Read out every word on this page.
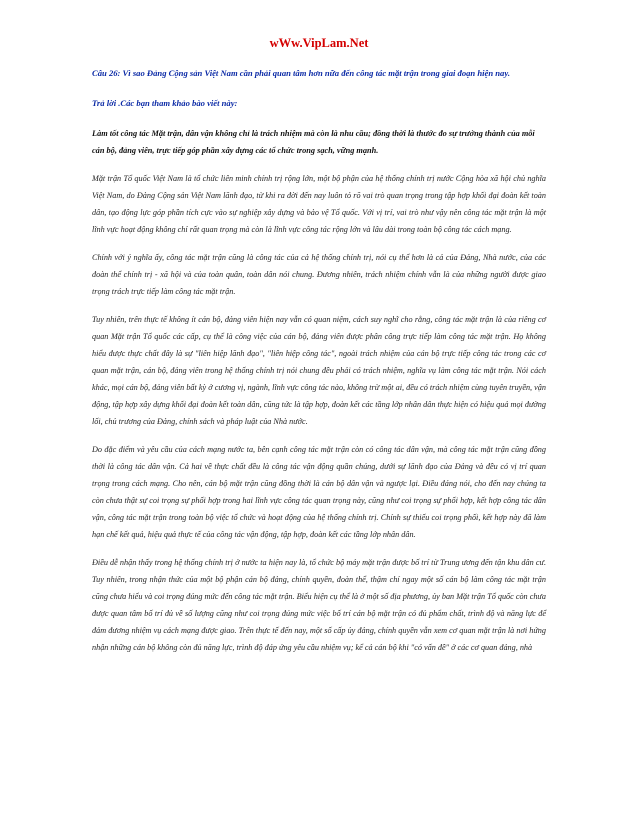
wWw.VipLam.Net

Câu 26: Vì sao Đảng Cộng sản Việt Nam cần phải quan tâm hơn nữa đến công tác mặt trận trong giai đoạn hiện nay.

Trả lời .Các bạn tham khảo bào viết này:

Làm tốt công tác Mặt trận, dân vận không chỉ là trách nhiệm mà còn là nhu cầu; đồng thời là thước đo sự trưởng thành của mỗi cán bộ, đảng viên, trực tiếp góp phần xây dựng các tổ chức trong sạch, vững mạnh.

Mặt trận Tổ quốc Việt Nam là tổ chức liên minh chính trị rộng lớn, một bộ phận của hệ thống chính trị nước Cộng hòa xã hội chủ nghĩa Việt Nam, do Đảng Cộng sản Việt Nam lãnh đạo, từ khi ra đời đến nay luôn tỏ rõ vai trò quan trọng trong tập hợp khối đại đoàn kết toàn dân, tạo động lực góp phần tích cực vào sự nghiệp xây dựng và bảo vệ Tổ quốc. Với vị trí, vai trò như vậy nên công tác mặt trận là một lĩnh vực hoạt động không chỉ rất quan trọng mà còn là lĩnh vực công tác rộng lớn và lâu dài trong toàn bộ công tác cách mạng.

Chính với ý nghĩa ấy, công tác mặt trận cũng là công tác của cả hệ thống chính trị, nói cụ thể hơn là cả của Đảng, Nhà nước, của các đoàn thể chính trị - xã hội và của toàn quân, toàn dân nói chung. Đương nhiên, trách nhiệm chính vẫn là của những người được giao trọng trách trực tiếp làm công tác mặt trận.

Tuy nhiên, trên thực tế không ít cán bộ, đảng viên hiện nay vẫn có quan niệm, cách suy nghĩ cho rằng, công tác mặt trận là của riêng cơ quan Mặt trận Tổ quốc các cấp, cụ thể là công việc của cán bộ, đảng viên được phân công trực tiếp làm công tác mặt trận. Họ không hiểu được thực chất đây là sự "liên hiệp lãnh đạo", "liên hiệp công tác", ngoài trách nhiệm của cán bộ trực tiếp công tác trong các cơ quan mặt trận, cán bộ, đảng viên trong hệ thống chính trị nói chung đều phải có trách nhiệm, nghĩa vụ làm công tác mặt trận. Nói cách khác, mọi cán bộ, đảng viên bất kỳ ở cương vị, ngành, lĩnh vực công tác nào, không trừ một ai, đều có trách nhiệm cùng tuyên truyền, vận động, tập hợp xây dựng khối đại đoàn kết toàn dân, cũng tức là tập hợp, đoàn kết các tầng lớp nhân dân thực hiện có hiệu quả mọi đường lối, chủ trương của Đảng, chính sách và pháp luật của Nhà nước.

Do đặc điểm và yêu cầu của cách mạng nước ta, bên cạnh công tác mặt trận còn có công tác dân vận, mà công tác mặt trận cũng đồng thời là công tác dân vận. Cả hai về thực chất đều là công tác vận động quần chúng, dưới sự lãnh đạo của Đảng và đều có vị trí quan trọng trong cách mạng. Cho nên, cán bộ mặt trận cũng đồng thời là cán bộ dân vận và ngược lại. Điều đáng nói, cho đến nay chúng ta còn chưa thật sự coi trọng sự phối hợp trong hai lĩnh vực công tác quan trọng này, cũng như coi trọng sự phối hợp, kết hợp công tác dân vận, công tác mặt trận trong toàn bộ việc tổ chức và hoạt động của hệ thống chính trị. Chính sự thiếu coi trọng phối, kết hợp này đã làm hạn chế kết quả, hiệu quả thực tế của công tác vận động, tập hợp, đoàn kết các tầng lớp nhân dân.

Điều dễ nhận thấy trong hệ thống chính trị ở nước ta hiện nay là, tổ chức bộ máy mặt trận được bố trí từ Trung ương đến tận khu dân cư. Tuy nhiên, trong nhận thức của một bộ phận cán bộ đảng, chính quyền, đoàn thể, thậm chí ngay một số cán bộ làm công tác mặt trận cũng chưa hiểu và coi trọng đúng mức đến công tác mặt trận. Biểu hiện cụ thể là ở một số địa phương, ủy ban Mặt trận Tổ quốc còn chưa được quan tâm bố trí đủ về số lượng cũng như coi trọng đúng mức việc bố trí cán bộ mặt trận có đủ phẩm chất, trình độ và năng lực để đảm đương nhiệm vụ cách mạng được giao. Trên thực tế đến nay, một số cấp ủy đảng, chính quyền vẫn xem cơ quan mặt trận là nơi hứng nhận những cán bộ không còn đủ năng lực, trình độ đáp ứng yêu cầu nhiệm vụ; kể cả cán bộ khi "có vấn đề" ở các cơ quan đảng, nhà
